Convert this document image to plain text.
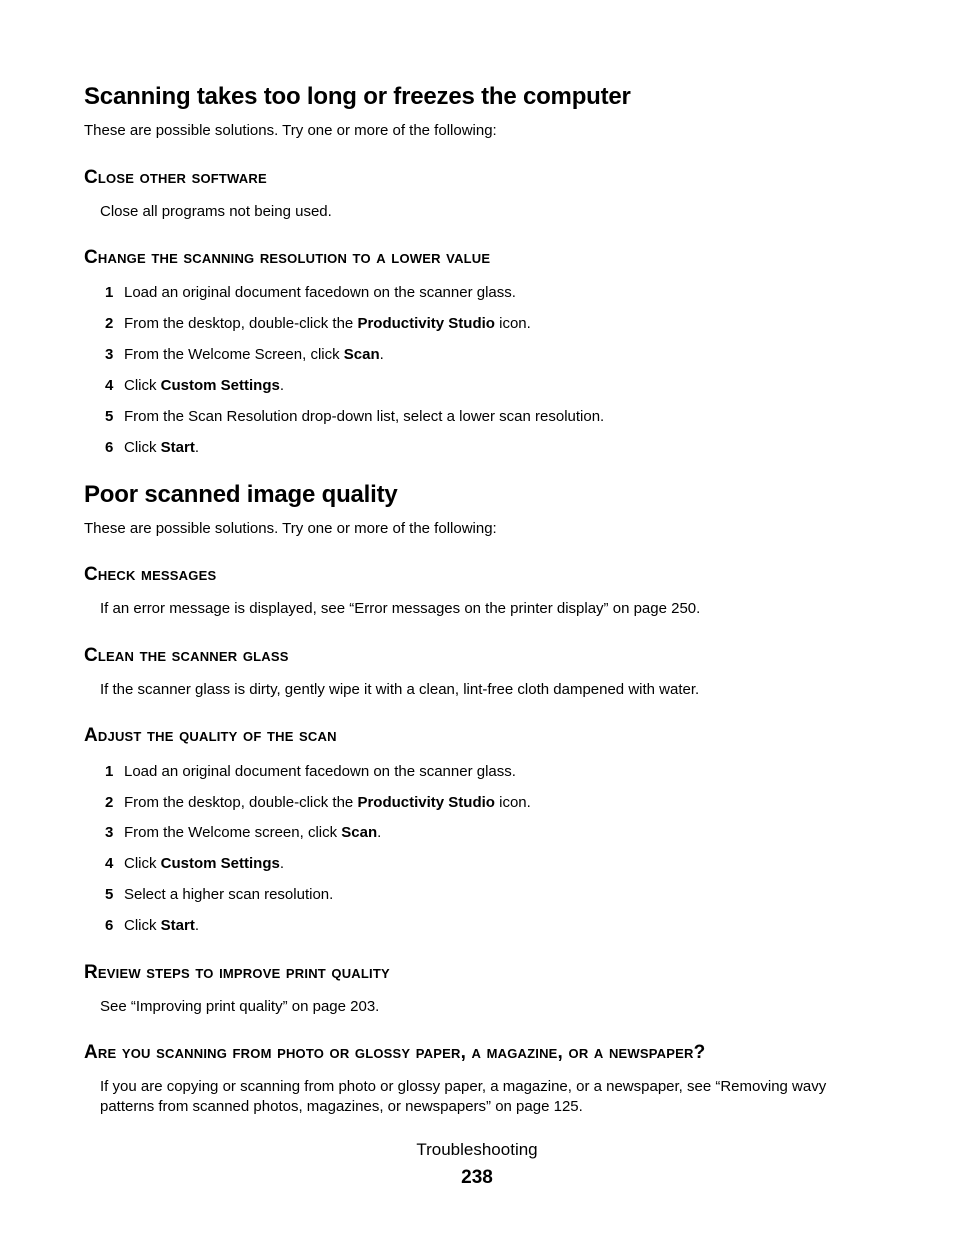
Scanning takes too long or freezes the computer
These are possible solutions. Try one or more of the following:
Close other software
Close all programs not being used.
Change the scanning resolution to a lower value
1 Load an original document facedown on the scanner glass.
2 From the desktop, double-click the Productivity Studio icon.
3 From the Welcome Screen, click Scan.
4 Click Custom Settings.
5 From the Scan Resolution drop-down list, select a lower scan resolution.
6 Click Start.
Poor scanned image quality
These are possible solutions. Try one or more of the following:
Check messages
If an error message is displayed, see “Error messages on the printer display” on page 250.
Clean the scanner glass
If the scanner glass is dirty, gently wipe it with a clean, lint-free cloth dampened with water.
Adjust the quality of the scan
1 Load an original document facedown on the scanner glass.
2 From the desktop, double-click the Productivity Studio icon.
3 From the Welcome screen, click Scan.
4 Click Custom Settings.
5 Select a higher scan resolution.
6 Click Start.
Review steps to improve print quality
See “Improving print quality” on page 203.
Are you scanning from photo or glossy paper, a magazine, or a newspaper?
If you are copying or scanning from photo or glossy paper, a magazine, or a newspaper, see “Removing wavy
patterns from scanned photos, magazines, or newspapers” on page 125.
Troubleshooting
238
